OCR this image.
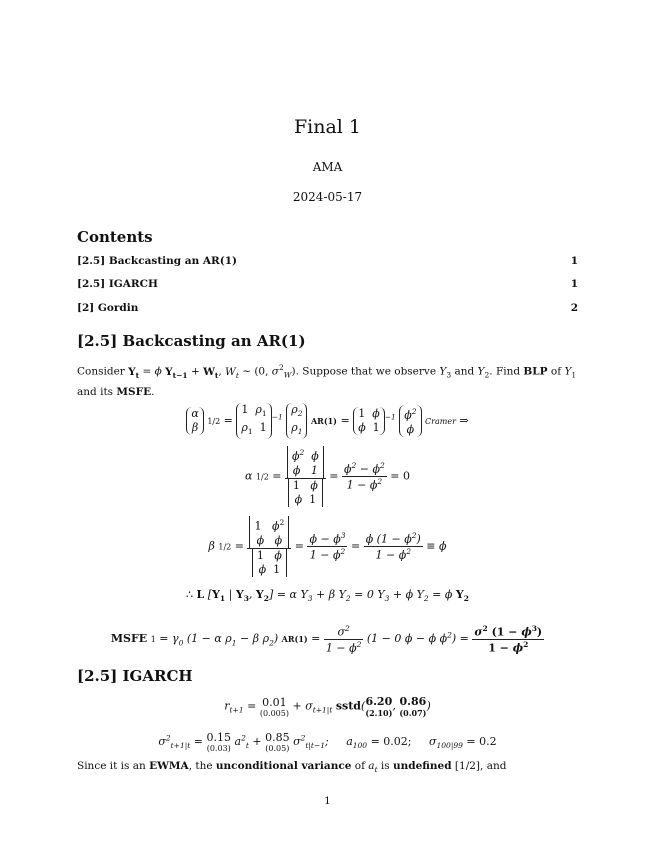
Final 1
AMA
2024-05-17
Contents
[2.5] Backcasting an AR(1)	1
[2.5] IGARCH	1
[2] Gordin	2
[2.5] Backcasting an AR(1)
Consider $Y_t = \phi$ $Y_{t-1} + W_t$, $W_t$ ∼ (0, $\sigma^2_W$). Suppose that we observe $Y_3$ and $Y_2$. Find BLP of $Y_1$ and its MSFE.
α
β 1/2 = 1  $\rho_1$
$\rho_1$  $1^{-1}$ $\rho_2$
$\rho_1$ AR(1) = 1  ϕ
ϕ  $1^{-1}$ $\phi^2$
ϕ Cramer ⇒
α 1/2 =
$\phi^2$ ϕ
ϕ   1
1   ϕ
ϕ  1
= $\frac{\phi^2 - \phi^2}{1 - \phi^2} = 0$
β 1/2 =
1   $\phi^2$
ϕ ϕ
1   ϕ
ϕ  1
= $\frac{\phi - \phi^3}{1 - \phi^2} = \frac{\phi (1 - \phi^2)}{1 - \phi^2} \equiv \phi$
∴ L [$Y_1$ | $Y_3$, $Y_2] = \alpha$ $Y_3 + \beta$ $Y_2 = 0$ $Y_3 + \phi$ $Y_2 = \phi$ $Y_2$
MSFE $1 = \gamma_0$ (1 − α $\rho_1 - \beta$ $\rho_2$) $AR(1) = \frac{\sigma^2}{1 - \phi^2} (1 - 0$ ϕ − ϕ $\phi^2) = \frac{\sigma^2 (1 - \phi^3)}{1 - \phi^2}$
[2.5] IGARCH
$r_{t+1} = 0.01$
(0.005)
+ $\sigma_{t+1|t}$ sstd( 6.20
(2.10)
, 0.86
(0.07)
)
$\sigma^2_{t+1|t} = 0.15$
(0.03)
$a^2_t + 0.85$
(0.05)
$\sigma^2_{t|t-1}$;     $a_{100} = 0.02$; $\sigma_{100|99} = 0.2$
Since it is an EWMA, the unconditional variance of $a_t$ is undefined [1/2], and
1
